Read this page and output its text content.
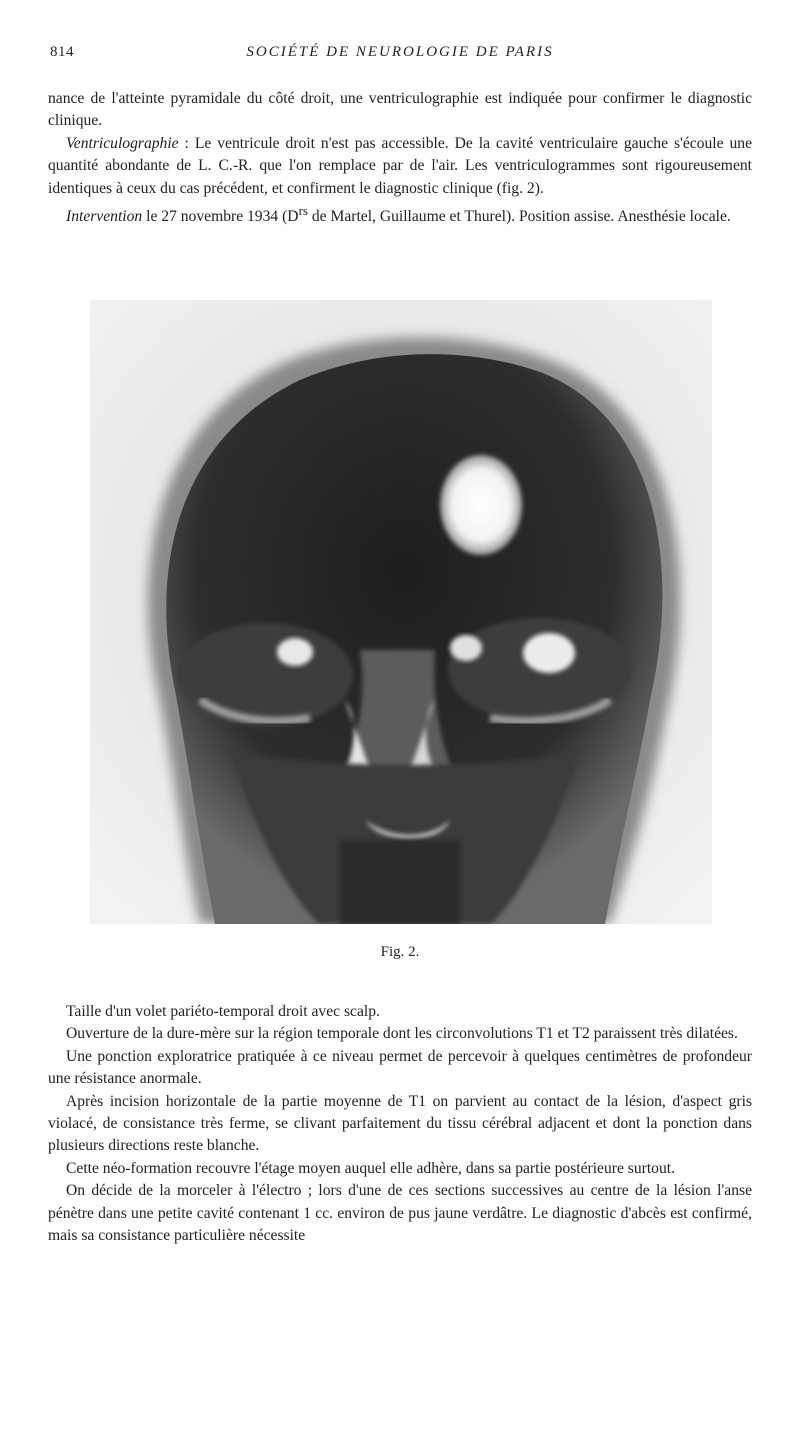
814	SOCIÉTÉ DE NEUROLOGIE DE PARIS

nance de l'atteinte pyramidale du côté droit, une ventriculographie est indiquée pour confirmer le diagnostic clinique.

Ventriculographie : Le ventricule droit n'est pas accessible. De la cavité ventriculaire gauche s'écoule une quantité abondante de L. C.-R. que l'on remplace par de l'air. Les ventriculogrammes sont rigoureusement identiques à ceux du cas précédent, et confirment le diagnostic clinique (fig. 2).

Intervention le 27 novembre 1934 ($D^{rs}$ de Martel, Guillaume et Thurel). Position assise. Anesthésie locale.

Fig. 2.

Taille d'un volet pariéto-temporal droit avec scalp.

Ouverture de la dure-mère sur la région temporale dont les circonvolutions T1 et T2 paraissent très dilatées.

Une ponction exploratrice pratiquée à ce niveau permet de percevoir à quelques centimètres de profondeur une résistance anormale.

Après incision horizontale de la partie moyenne de T1 on parvient au contact de la lésion, d'aspect gris violacé, de consistance très ferme, se clivant parfaitement du tissu cérébral adjacent et dont la ponction dans plusieurs directions reste blanche.

Cette néo-formation recouvre l'étage moyen auquel elle adhère, dans sa partie postérieure surtout.

On décide de la morceler à l'électro ; lors d'une de ces sections successives au centre de la lésion l'anse pénètre dans une petite cavité contenant 1 cc. environ de pus jaune verdâtre. Le diagnostic d'abcès est confirmé, mais sa consistance particulière nécessite
